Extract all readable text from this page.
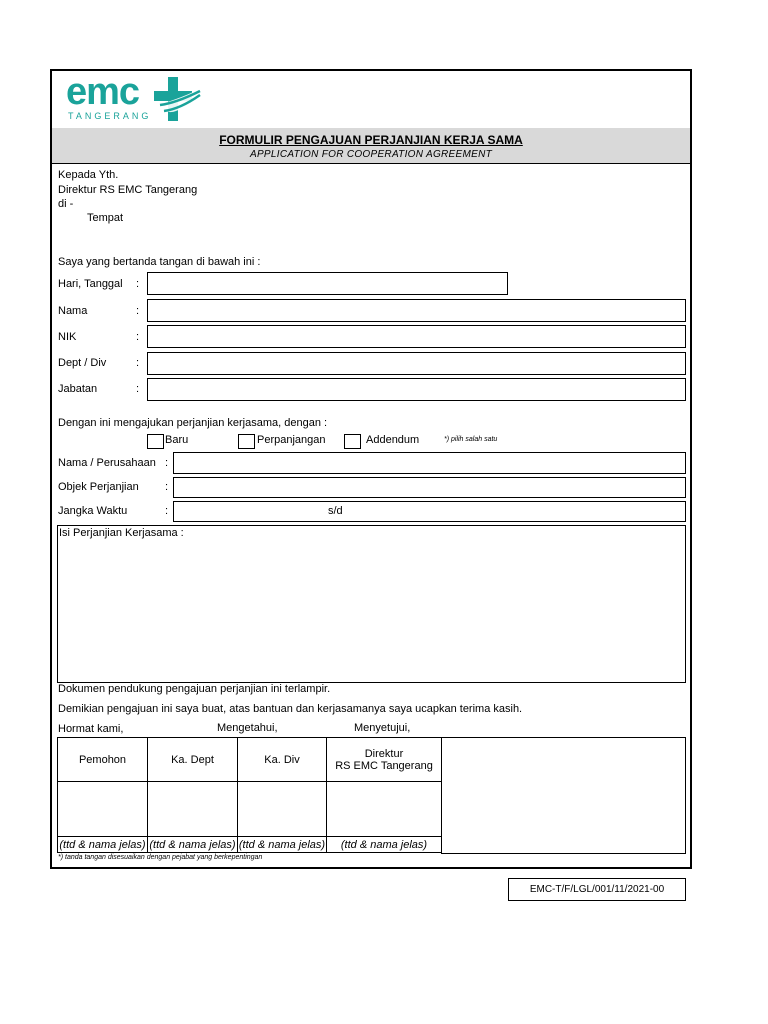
emc
TANGERANG
FORMULIR PENGAJUAN PERJANJIAN KERJA SAMA
APPLICATION FOR COOPERATION AGREEMENT
Kepada Yth.
Direktur RS EMC Tangerang
di -
Tempat
Saya yang bertanda tangan di bawah ini :
Hari, Tanggal :
Nama	:
NIK	:
Dept / Div	:
Jabatan	:
Dengan ini mengajukan perjanjian kerjasama, dengan :
Baru	Perpanjangan	Addendum	*) pilih salah satu
Nama / Perusahaan :
Objek Perjanjian :
Jangka Waktu	:	s/d
Isi Perjanjian Kerjasama :
Dokumen pendukung pengajuan perjanjian ini terlampir.
Demikian pengajuan ini saya buat, atas bantuan dan kerjasamanya saya ucapkan terima kasih.
Hormat kami,	Mengetahui,	Menyetujui,
Pemohon	Ka. Dept	Ka. Div	Direktur
RS EMC Tangerang

(ttd & nama jelas)	(ttd & nama jelas)	(ttd & nama jelas)	(ttd & nama jelas)
*) tanda tangan disesuaikan dengan pejabat yang berkepentingan
EMC-T/F/LGL/001/11/2021-00
